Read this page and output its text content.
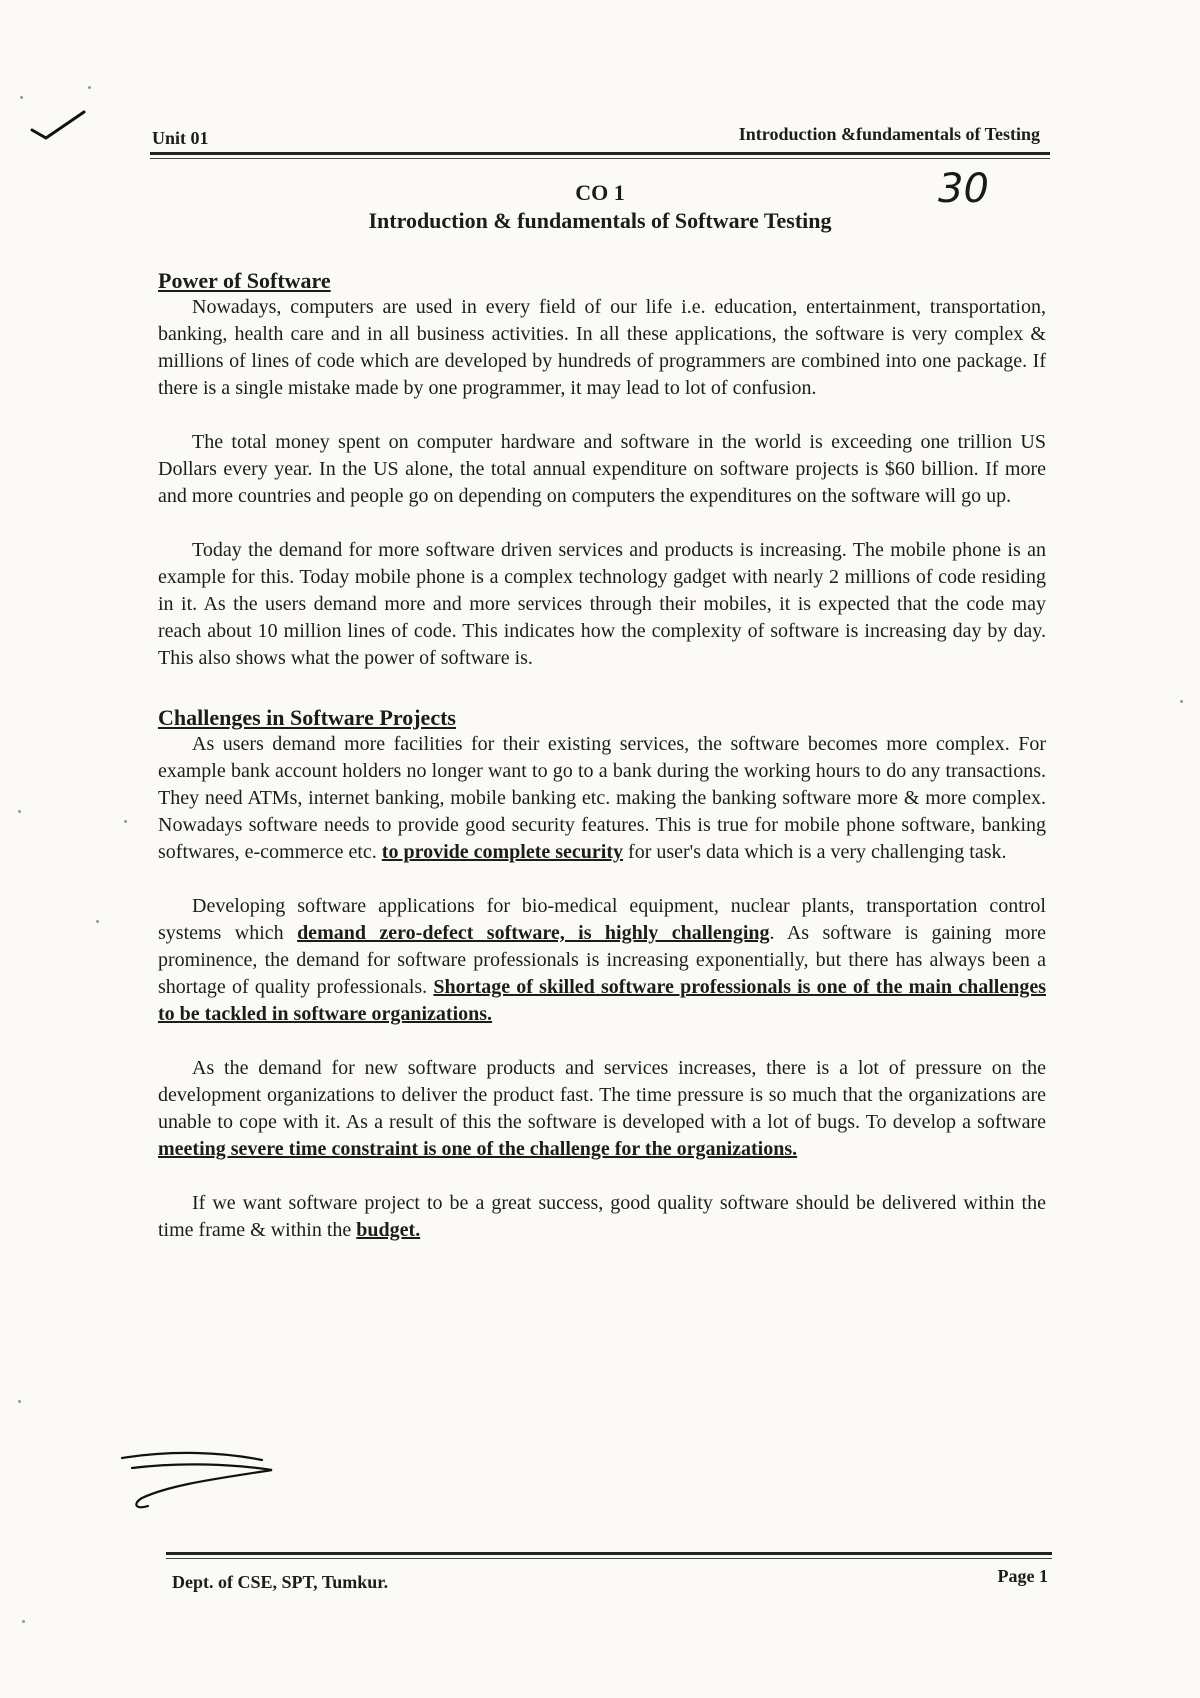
Unit 01	Introduction &fundamentals of Testing
30
CO 1
Introduction & fundamentals of Software Testing
Power of Software

Nowadays, computers are used in every field of our life i.e. education, entertainment, transportation, banking, health care and in all business activities. In all these applications, the software is very complex & millions of lines of code which are developed by hundreds of programmers are combined into one package. If there is a single mistake made by one programmer, it may lead to lot of confusion.

The total money spent on computer hardware and software in the world is exceeding one trillion US Dollars every year. In the US alone, the total annual expenditure on software projects is $60 billion. If more and more countries and people go on depending on computers the expenditures on the software will go up.

Today the demand for more software driven services and products is increasing. The mobile phone is an example for this. Today mobile phone is a complex technology gadget with nearly 2 millions of code residing in it. As the users demand more and more services through their mobiles, it is expected that the code may reach about 10 million lines of code. This indicates how the complexity of software is increasing day by day. This also shows what the power of software is.

Challenges in Software Projects

As users demand more facilities for their existing services, the software becomes more complex. For example bank account holders no longer want to go to a bank during the working hours to do any transactions. They need ATMs, internet banking, mobile banking etc. making the banking software more & more complex. Nowadays software needs to provide good security features. This is true for mobile phone software, banking softwares, e-commerce etc. to provide complete security for user's data which is a very challenging task.

Developing software applications for bio-medical equipment, nuclear plants, transportation control systems which demand zero-defect software, is highly challenging. As software is gaining more prominence, the demand for software professionals is increasing exponentially, but there has always been a shortage of quality professionals. Shortage of skilled software professionals is one of the main challenges to be tackled in software organizations.

As the demand for new software products and services increases, there is a lot of pressure on the development organizations to deliver the product fast. The time pressure is so much that the organizations are unable to cope with it. As a result of this the software is developed with a lot of bugs. To develop a software meeting severe time constraint is one of the challenge for the organizations.

If we want software project to be a great success, good quality software should be delivered within the time frame & within the budget.

Dept. of CSE, SPT, Tumkur.	Page 1
